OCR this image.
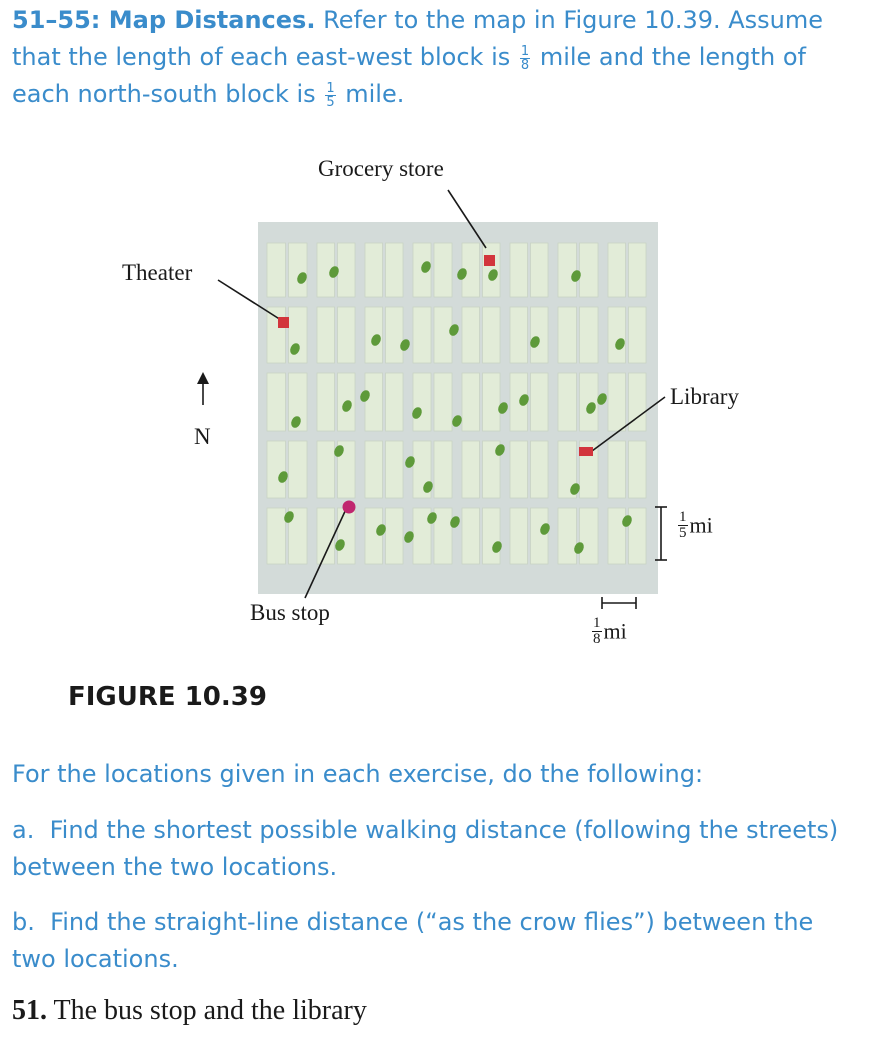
51–55: Map Distances. Refer to the map in Figure 10.39. Assume that the length of each east-west block is $\frac{1}{8}$ mile and the length of each north-south block is $\frac{1}{5}$ mile.
Grocery store
Theater
Library
Bus stop
N
$\frac{1}{5}$ mi
$\frac{1}{8}$ mi
FIGURE 10.39
For the locations given in each exercise, do the following:
a. Find the shortest possible walking distance (following the streets) between the two locations.
b. Find the straight-line distance (“as the crow flies”) between the two locations.
51. The bus stop and the library
